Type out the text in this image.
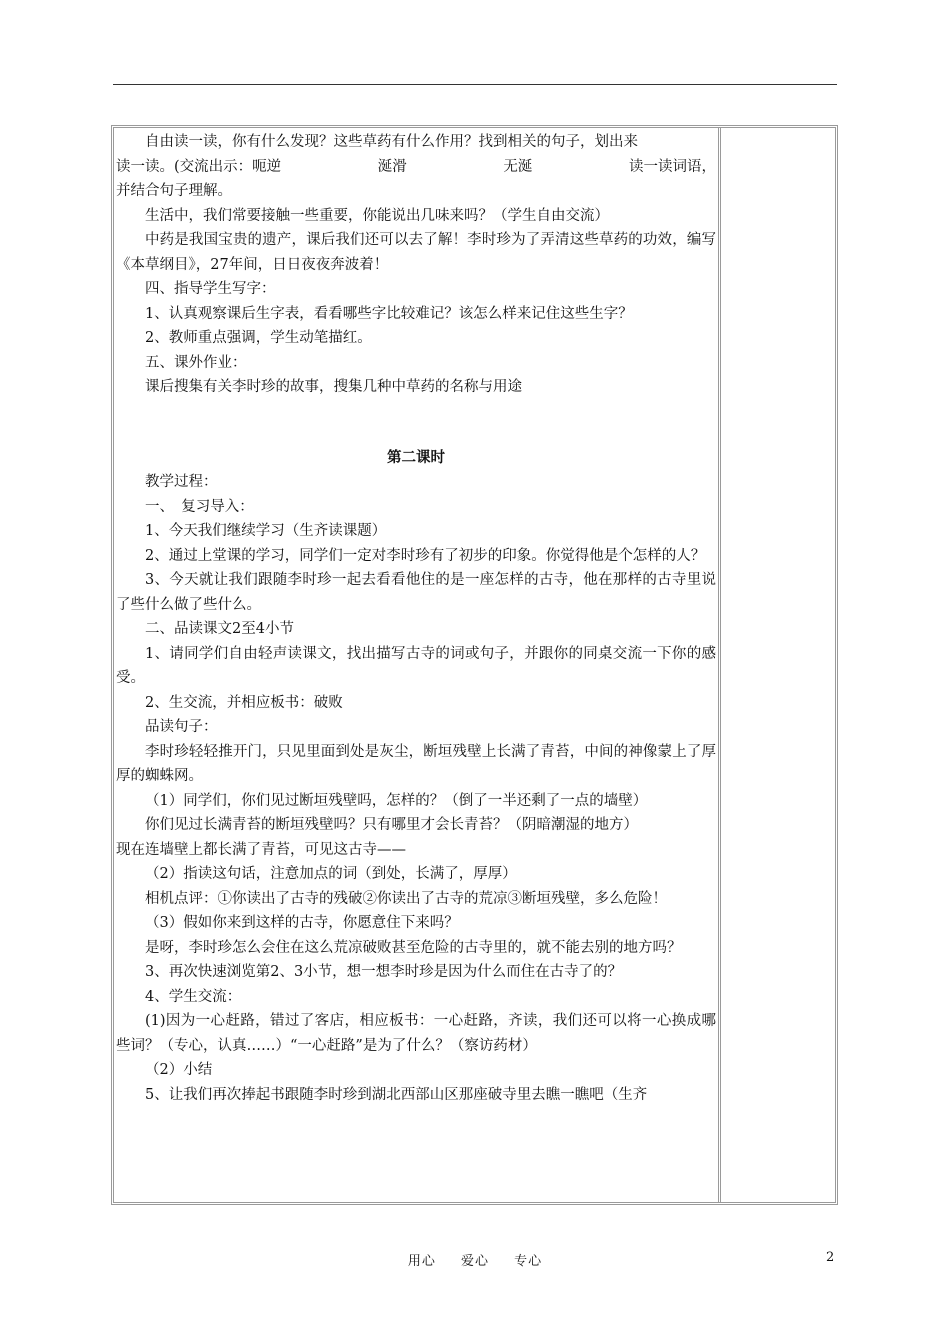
自由读一读，你有什么发现？这些草药有什么作用？找到相关的句子，划出来

读一读。(交流出示：呃逆	涎滑	无涎	读一读词语，

并结合句子理解。

生活中，我们常要接触一些重要，你能说出几味来吗？（学生自由交流）

中药是我国宝贵的遗产，课后我们还可以去了解！李时珍为了弄清这些草药的功效，编写《本草纲目》，27年间，日日夜夜奔波着！

四、指导学生写字：

1、认真观察课后生字表，看看哪些字比较难记？该怎么样来记住这些生字？

2、教师重点强调，学生动笔描红。

五、课外作业：

课后搜集有关李时珍的故事，搜集几种中草药的名称与用途

第二课时

教学过程：

一、　复习导入：

1、今天我们继续学习（生齐读课题）

2、通过上堂课的学习，同学们一定对李时珍有了初步的印象。你觉得他是个怎样的人？

3、今天就让我们跟随李时珍一起去看看他住的是一座怎样的古寺，他在那样的古寺里说了些什么做了些什么。

二、品读课文2至4小节

1、请同学们自由轻声读课文，找出描写古寺的词或句子，并跟你的同桌交流一下你的感受。

2、生交流，并相应板书：破败

品读句子：

李时珍轻轻推开门，只见里面到处是灰尘，断垣残壁上长满了青苔，中间的神像蒙上了厚厚的蜘蛛网。

（1）同学们，你们见过断垣残壁吗，怎样的？（倒了一半还剩了一点的墙壁）

你们见过长满青苔的断垣残壁吗？只有哪里才会长青苔？（阴暗潮湿的地方）

现在连墙壁上都长满了青苔，可见这古寺——

（2）指读这句话，注意加点的词（到处，长满了，厚厚）

相机点评：①你读出了古寺的残破②你读出了古寺的荒凉③断垣残壁，多么危险！

（3）假如你来到这样的古寺，你愿意住下来吗？

是呀，李时珍怎么会住在这么荒凉破败甚至危险的古寺里的，就不能去别的地方吗？

3、再次快速浏览第2、3小节，想一想李时珍是因为什么而住在古寺了的？

4、学生交流：

(1)因为一心赶路，错过了客店，相应板书：一心赶路，齐读，我们还可以将一心换成哪些词？（专心，认真……）“一心赶路”是为了什么？（察访药材）

（2）小结

5、让我们再次捧起书跟随李时珍到湖北西部山区那座破寺里去瞧一瞧吧（生齐

用心 爱心 专心	2
